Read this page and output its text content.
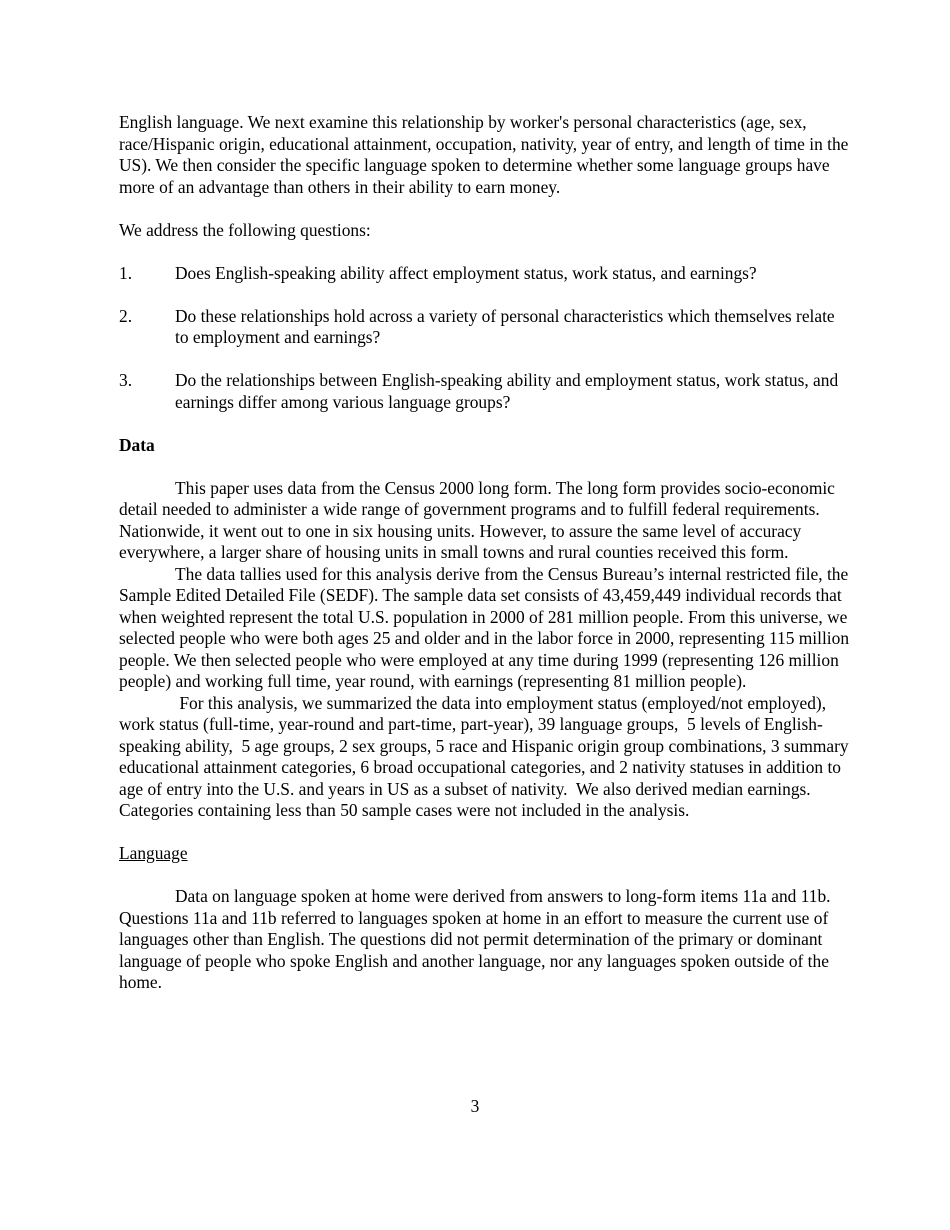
English language. We next examine this relationship by worker's personal characteristics (age, sex, race/Hispanic origin, educational attainment, occupation, nativity, year of entry, and length of time in the US). We then consider the specific language spoken to determine whether some language groups have more of an advantage than others in their ability to earn money.

We address the following questions:

1.	Does English-speaking ability affect employment status, work status, and earnings?
2.	Do these relationships hold across a variety of personal characteristics which themselves relate to employment and earnings?
3.	Do the relationships between English-speaking ability and employment status, work status, and earnings differ among various language groups?

Data

This paper uses data from the Census 2000 long form. The long form provides socio-economic detail needed to administer a wide range of government programs and to fulfill federal requirements. Nationwide, it went out to one in six housing units. However, to assure the same level of accuracy everywhere, a larger share of housing units in small towns and rural counties received this form.

The data tallies used for this analysis derive from the Census Bureau’s internal restricted file, the Sample Edited Detailed File (SEDF). The sample data set consists of 43,459,449 individual records that when weighted represent the total U.S. population in 2000 of 281 million people. From this universe, we selected people who were both ages 25 and older and in the labor force in 2000, representing 115 million people. We then selected people who were employed at any time during 1999 (representing 126 million people) and working full time, year round, with earnings (representing 81 million people).

For this analysis, we summarized the data into employment status (employed/not employed), work status (full-time, year-round and part-time, part-year), 39 language groups,  5 levels of English-speaking ability,  5 age groups, 2 sex groups, 5 race and Hispanic origin group combinations, 3 summary educational attainment categories, 6 broad occupational categories, and 2 nativity statuses in addition to age of entry into the U.S. and years in US as a subset of nativity.  We also derived median earnings.  Categories containing less than 50 sample cases were not included in the analysis.

Language

Data on language spoken at home were derived from answers to long-form items 11a and 11b. Questions 11a and 11b referred to languages spoken at home in an effort to measure the current use of languages other than English. The questions did not permit determination of the primary or dominant language of people who spoke English and another language, nor any languages spoken outside of the home.

3
